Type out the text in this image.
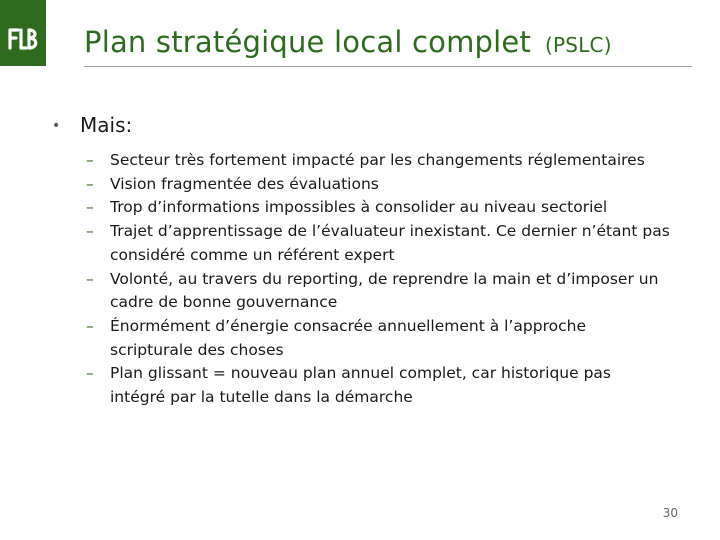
Plan stratégique local complet (PSLC)
• Mais:
–	Secteur très fortement impacté par les changements réglementaires
–	Vision fragmentée des évaluations
–	Trop d’informations impossibles à consolider au niveau sectoriel
–	Trajet d’apprentissage de l’évaluateur inexistant. Ce dernier n’étant pas considéré comme un référent expert
–	Volonté, au travers du reporting, de reprendre la main et d’imposer un cadre de bonne gouvernance
–	Énormément d’énergie consacrée annuellement à l’approche scripturale des choses
–	Plan glissant = nouveau plan annuel complet, car historique pas intégré par la tutelle dans la démarche
30
